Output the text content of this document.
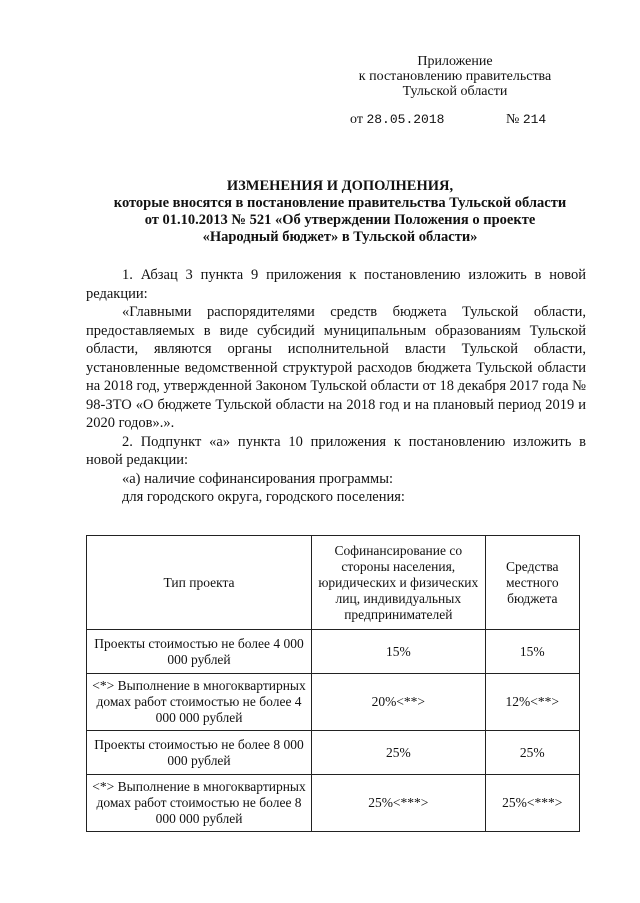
Приложение
к постановлению правительства
Тульской области
от 28.05.2018	№ 214
ИЗМЕНЕНИЯ И ДОПОЛНЕНИЯ,
которые вносятся в постановление правительства Тульской области
от 01.10.2013 № 521 «Об утверждении Положения о проекте
«Народный бюджет» в Тульской области»

1. Абзац 3 пункта 9 приложения к постановлению изложить в новой редакции:

«Главными распорядителями средств бюджета Тульской области, предоставляемых в виде субсидий муниципальным образованиям Тульской области, являются органы исполнительной власти Тульской области, установленные ведомственной структурой расходов бюджета Тульской области на 2018 год, утвержденной Законом Тульской области от 18 декабря 2017 года № 98-ЗТО «О бюджете Тульской области на 2018 год и на плановый период 2019 и 2020 годов».».

2. Подпункт «а» пункта 10 приложения к постановлению изложить в новой редакции:

«а) наличие софинансирования программы:

для городского округа, городского поселения:

Тип проекта	Софинансирование со стороны населения, юридических и физических лиц, индивидуальных предпринимателей	Средства местного бюджета
Проекты стоимостью не более 4 000 000 рублей	15%	15%
<*> Выполнение в многоквартирных домах работ стоимостью не более 4 000 000 рублей	20%<**>	12%<**>
Проекты стоимостью не более 8 000 000 рублей	25%	25%
<*> Выполнение в многоквартирных домах работ стоимостью не более 8 000 000 рублей	25%<***>	25%<***>
